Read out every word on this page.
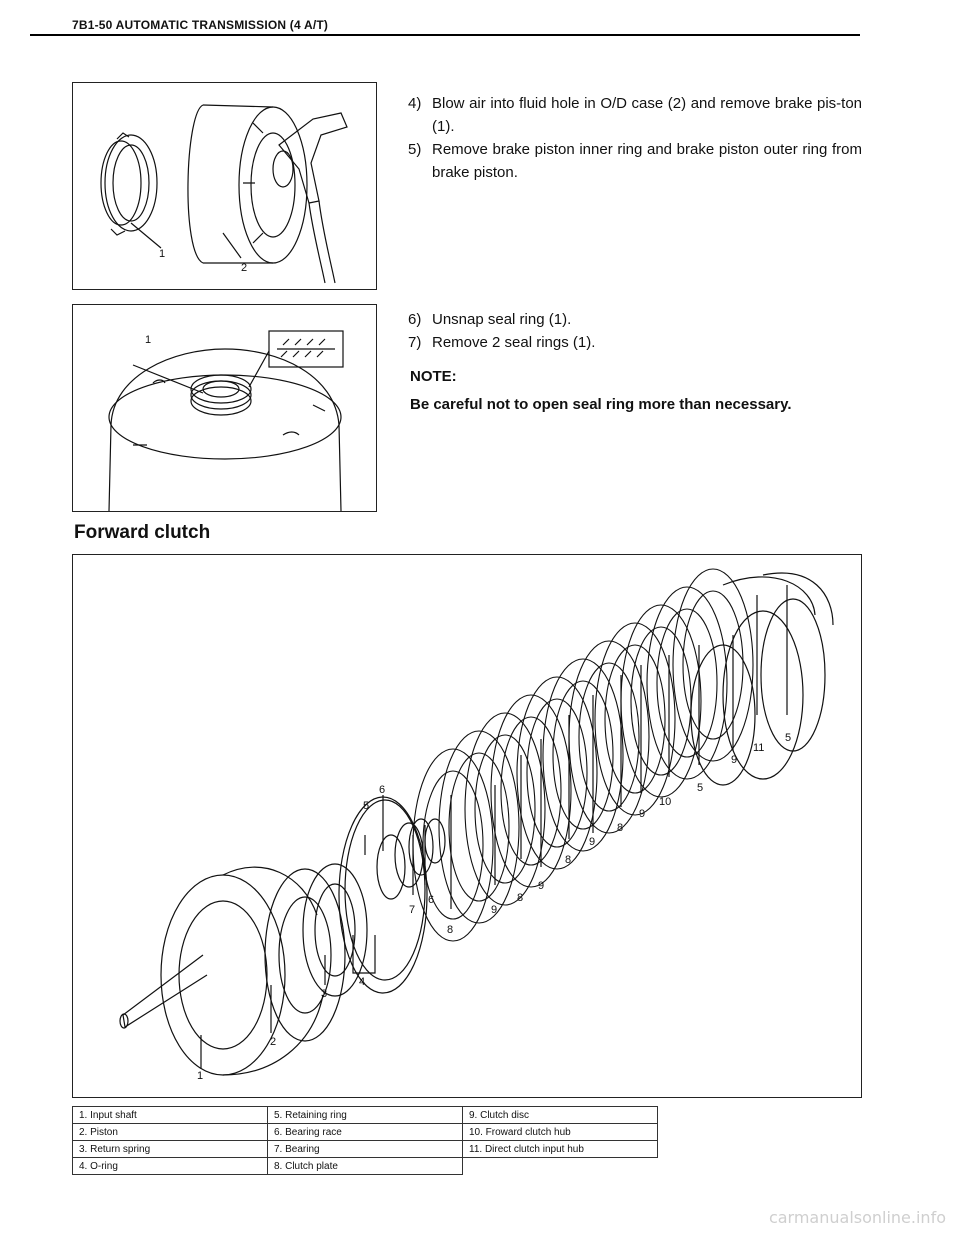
7B1-50 AUTOMATIC TRANSMISSION (4 A/T)
1
2
4) Blow air into fluid hole in O/D case (2) and remove brake pis-ton (1).
5) Remove brake piston inner ring and brake piston outer ring from brake piston.
1
6) Unsnap seal ring (1).
7) Remove 2 seal rings (1).
NOTE:
Be careful not to open seal ring more than necessary.
Forward clutch
1
2
3
4
5
6
7
6
8
9
8
9
8
9
8
9
10
5
9
11
5
1. Input shaft	5. Retaining ring	9. Clutch disc
2. Piston	6. Bearing race	10. Froward clutch hub
3. Return spring	7. Bearing	11. Direct clutch input hub
4. O-ring	8. Clutch plate	
carmanualsonline.info
